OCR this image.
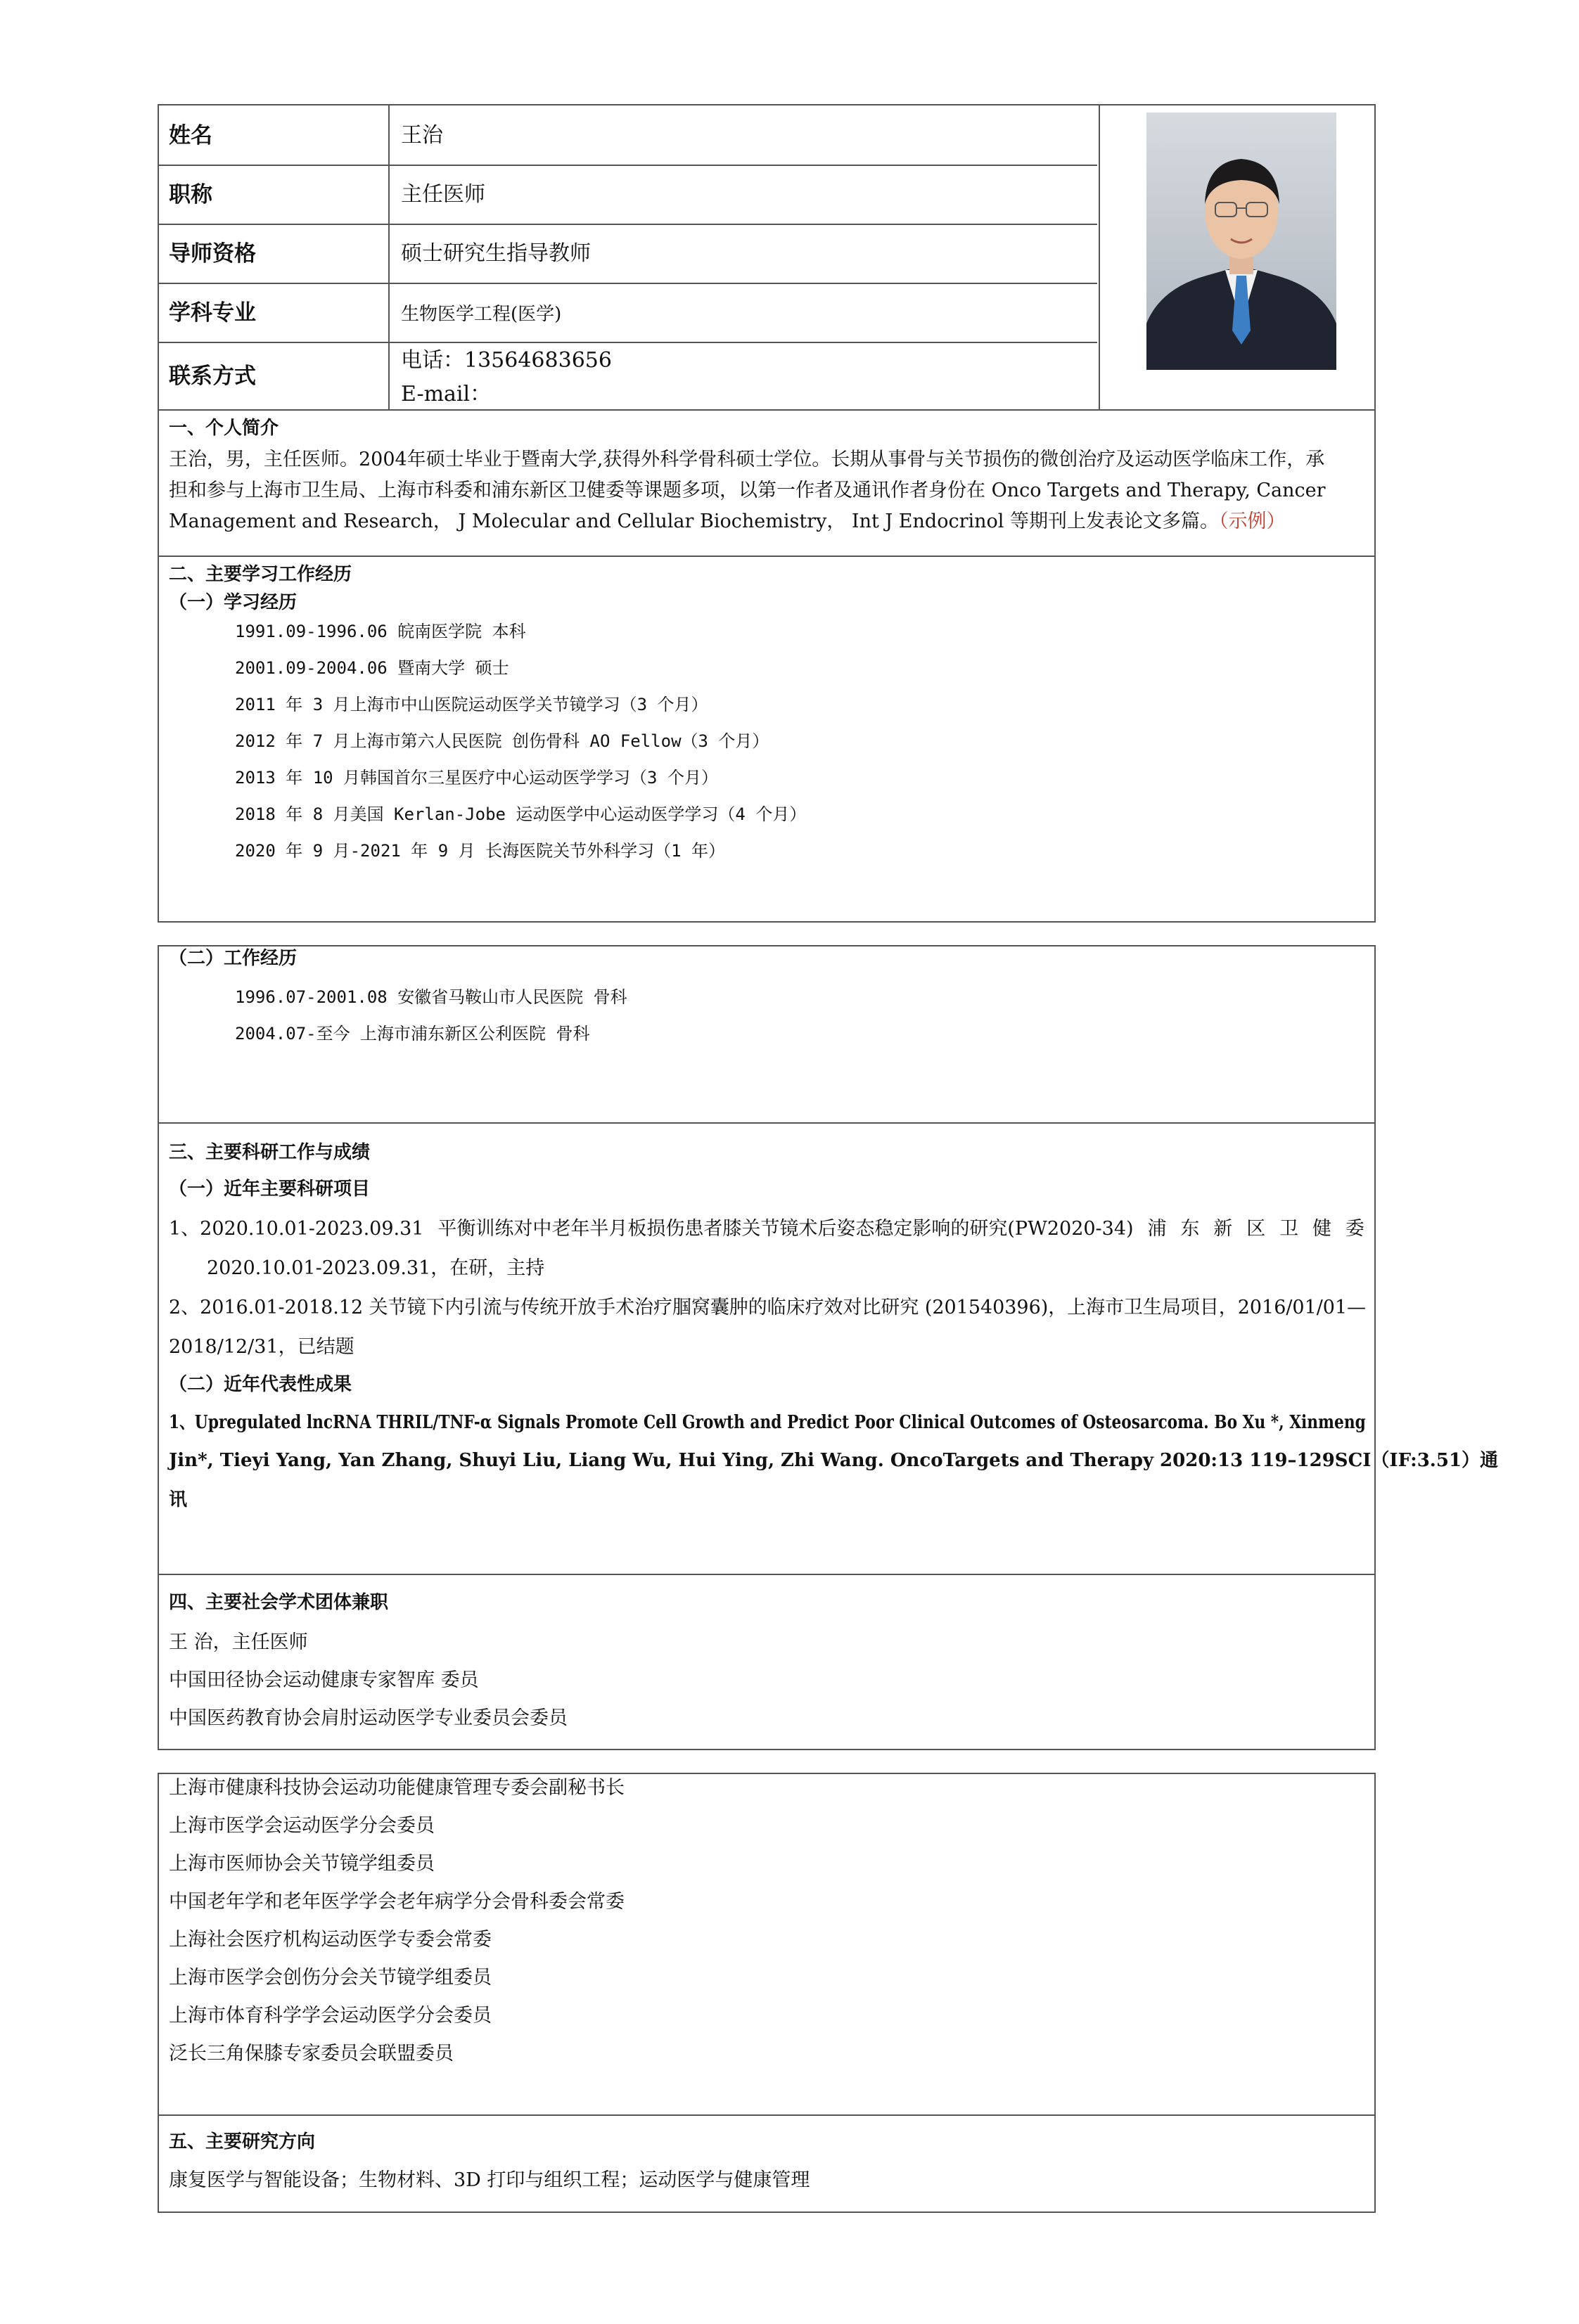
姓名	王治
职称	主任医师
导师资格	硕士研究生指导教师
学科专业	生物医学工程(医学)
联系方式
电话：13564683656
E-mail：
一、个人简介
王治，男，主任医师。2004年硕士毕业于暨南大学,获得外科学骨科硕士学位。长期从事骨与关节损伤的微创治疗及运动医学临床工作，承
担和参与上海市卫生局、上海市科委和浦东新区卫健委等课题多项，以第一作者及通讯作者身份在 Onco Targets and Therapy, Cancer
Management and Research， J Molecular and Cellular Biochemistry， Int J Endocrinol 等期刊上发表论文多篇。（示例）
二、主要学习工作经历
（一）学习经历
1991.09-1996.06 皖南医学院 本科
2001.09-2004.06 暨南大学 硕士
2011 年 3 月上海市中山医院运动医学关节镜学习（3 个月）
2012 年 7 月上海市第六人民医院 创伤骨科 AO Fellow（3 个月）
2013 年 10 月韩国首尔三星医疗中心运动医学学习（3 个月）
2018 年 8 月美国 Kerlan-Jobe 运动医学中心运动医学学习（4 个月）
2020 年 9 月-2021 年 9 月 长海医院关节外科学习（1 年）
（二）工作经历
1996.07-2001.08 安徽省马鞍山市人民医院 骨科
2004.07-至今 上海市浦东新区公利医院 骨科
三、主要科研工作与成绩
（一）近年主要科研项目
1、2020.10.01-2023.09.31 平衡训练对中老年半月板损伤患者膝关节镜术后姿态稳定影响的研究(PW2020-34) 浦 东 新 区 卫 健 委
2020.10.01-2023.09.31，在研，主持
2、2016.01-2018.12 关节镜下内引流与传统开放手术治疗腘窝囊肿的临床疗效对比研究 (201540396)，上海市卫生局项目，2016/01/01—
2018/12/31，已结题
（二）近年代表性成果
1、Upregulated lncRNA THRIL/TNF-α Signals Promote Cell Growth and Predict Poor Clinical Outcomes of Osteosarcoma. Bo Xu *, Xinmeng
Jin*, Tieyi Yang, Yan Zhang, Shuyi Liu, Liang Wu, Hui Ying, Zhi Wang. OncoTargets and Therapy 2020:13 119–129 SCI（IF:3.51） 通
讯
四、主要社会学术团体兼职
王 治，主任医师
中国田径协会运动健康专家智库 委员
中国医药教育协会肩肘运动医学专业委员会委员
上海市健康科技协会运动功能健康管理专委会副秘书长
上海市医学会运动医学分会委员
上海市医师协会关节镜学组委员
中国老年学和老年医学学会老年病学分会骨科委会常委
上海社会医疗机构运动医学专委会常委
上海市医学会创伤分会关节镜学组委员
上海市体育科学学会运动医学分会委员
泛长三角保膝专家委员会联盟委员
五、主要研究方向
康复医学与智能设备；生物材料、3D 打印与组织工程；运动医学与健康管理
